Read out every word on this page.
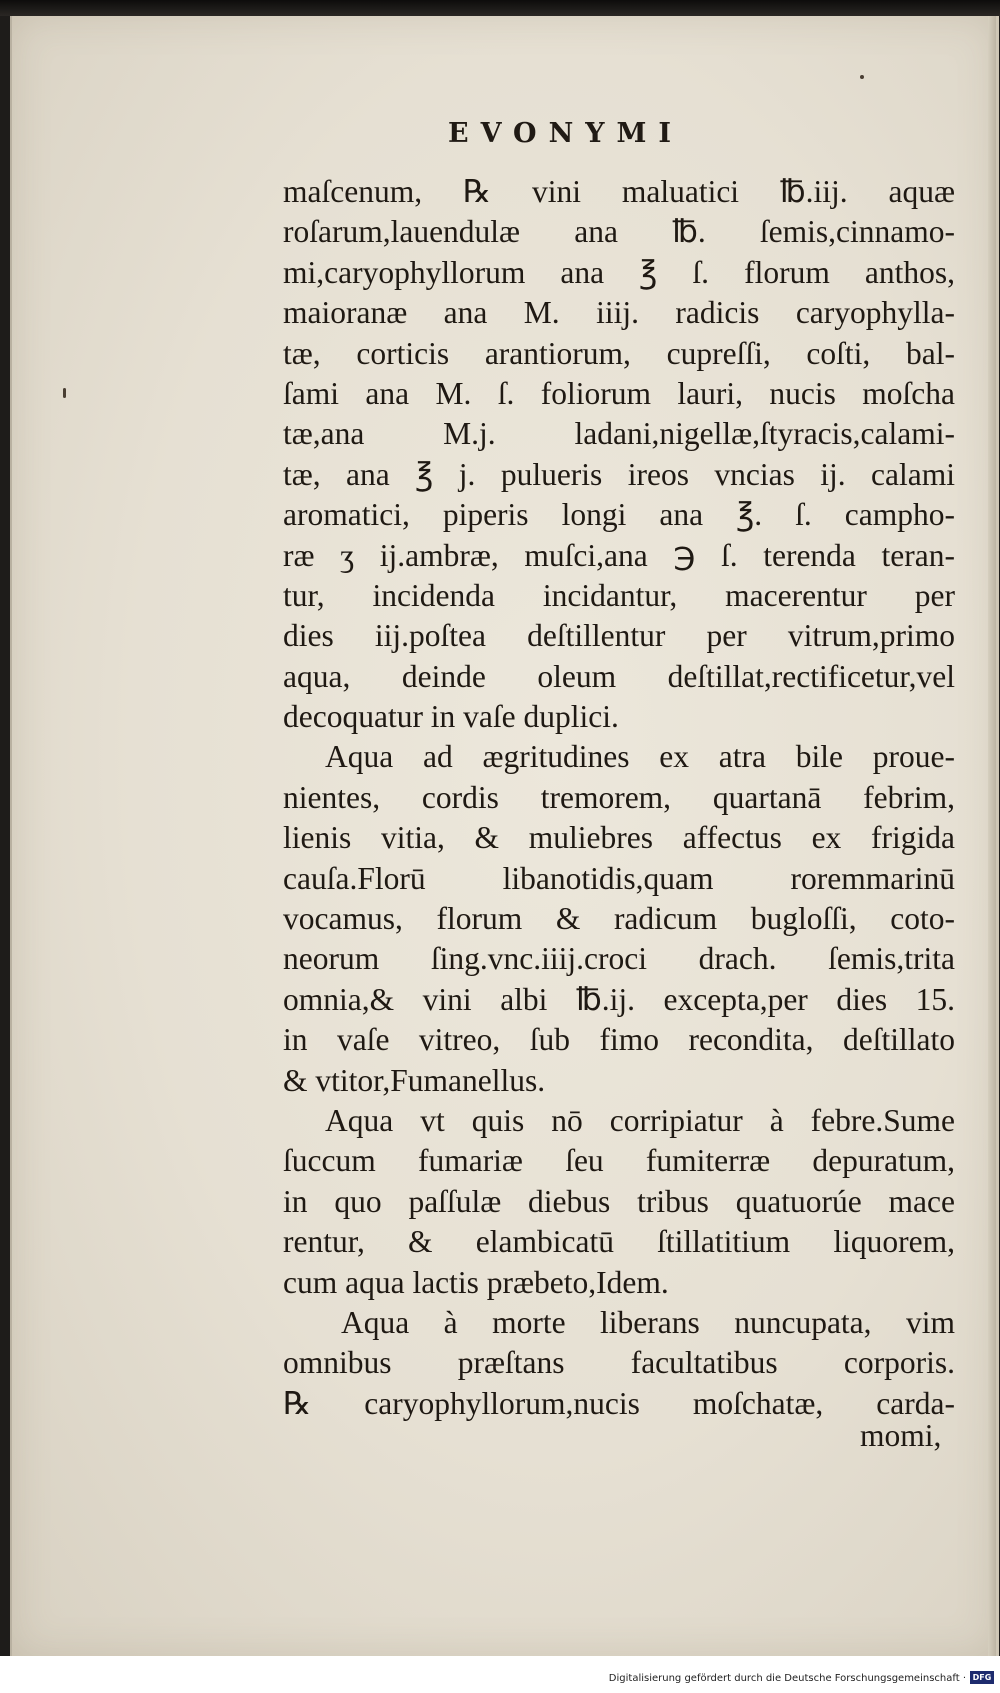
EVONYMI
maſcenum, ℞ vini maluatici ℔.iij. aquæ
roſarum,lauendulæ ana ℔. ſemis,cinnamo-
mi,caryophyllorum ana ℥ ſ. florum anthos,
maioranæ ana M. iiij. radicis caryophylla-
tæ, corticis arantiorum, cupreſſi, coſti, bal-
ſami ana M. ſ. foliorum lauri, nucis moſcha
tæ,ana M.j. ladani,nigellæ,ſtyracis,calami-
tæ, ana ℥ j. pulueris ireos vncias ij. calami
aromatici, piperis longi ana ℥. ſ. campho-
ræ ʒ ij.ambræ, muſci,ana ℈ ſ. terenda teran-
tur, incidenda incidantur, macerentur per
dies iij.poſtea deſtillentur per vitrum,primo
aqua, deinde oleum deſtillat,rectificetur,vel
decoquatur in vaſe duplici.
Aqua ad ægritudines ex atra bile proue-
nientes, cordis tremorem, quartanā febrim,
lienis vitia, & muliebres affectus ex frigida
cauſa.Florū libanotidis,quam roremmarinū
vocamus, florum & radicum bugloſſi, coto-
neorum ſing.vnc.iiij.croci drach. ſemis,trita
omnia,& vini albi ℔.ij. excepta,per dies 15.
in vaſe vitreo, ſub fimo recondita, deſtillato
& vtitor,Fumanellus.
Aqua vt quis nō corripiatur à febre.Sume
ſuccum fumariæ ſeu fumiterræ depuratum,
in quo paſſulæ diebus tribus quatuorúe mace
rentur, & elambicatū ſtillatitium liquorem,
cum aqua lactis præbeto,Idem.
Aqua à morte liberans nuncupata, vim
omnibus præſtans facultatibus corporis.
℞ caryophyllorum,nucis moſchatæ, carda-
momi,
Digitalisierung gefördert durch die Deutsche Forschungsgemeinschaft · DFG
